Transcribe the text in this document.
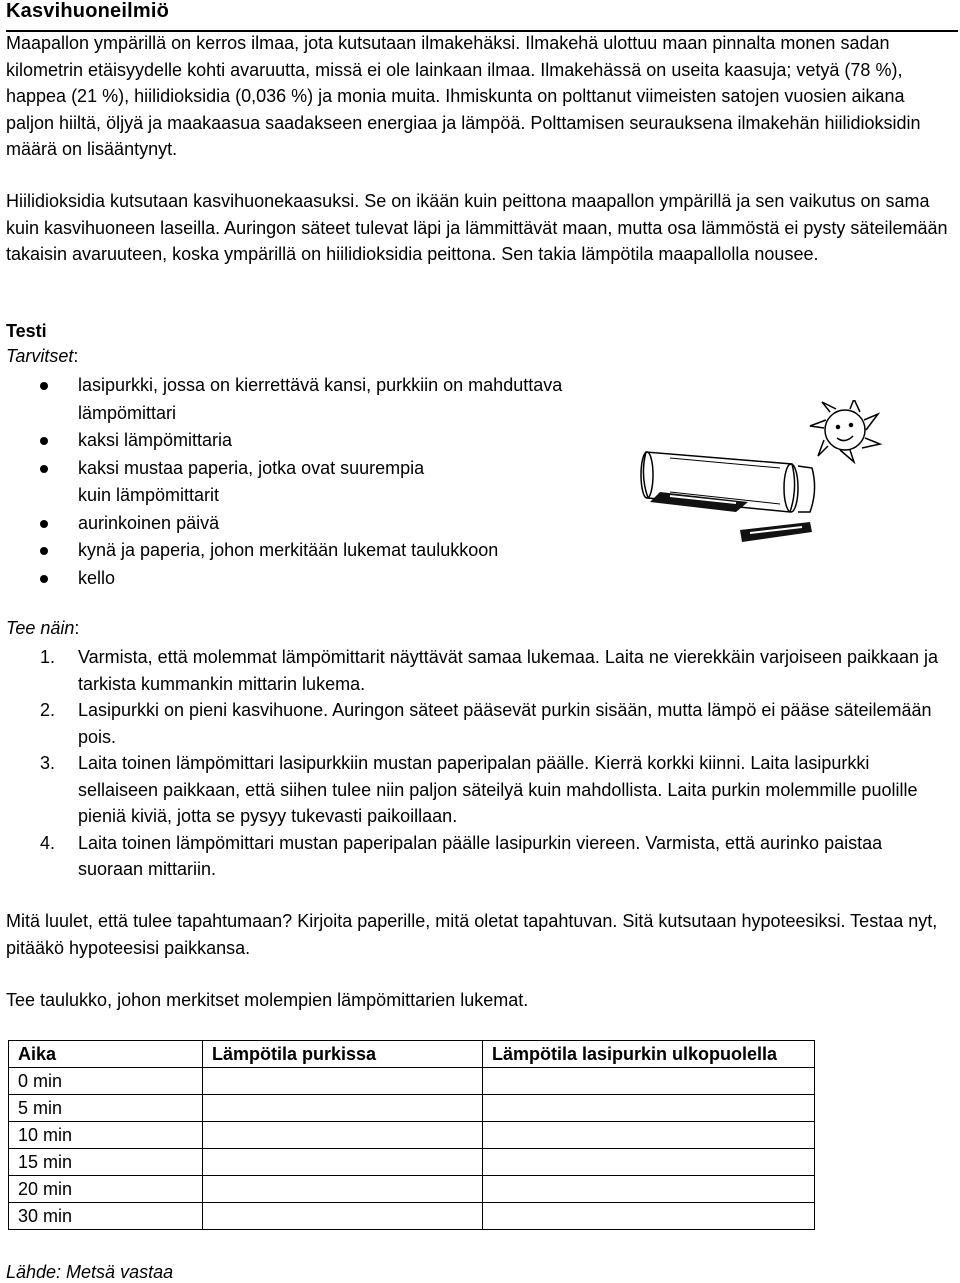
Kasvihuoneilmiö
Maapallon ympärillä on kerros ilmaa, jota kutsutaan ilmakehäksi. Ilmakehä ulottuu maan pinnalta monen sadan kilometrin etäisyydelle kohti avaruutta, missä ei ole lainkaan ilmaa. Ilmakehässä on useita kaasuja; vetyä (78 %), happea (21 %), hiilidioksidia (0,036 %) ja monia muita. Ihmiskunta on polttanut viimeisten satojen vuosien aikana paljon hiiltä, öljyä ja maakaasua saadakseen energiaa ja lämpöä. Polttamisen seurauksena ilmakehän hiilidioksidin määrä on lisääntynyt.
Hiilidioksidia kutsutaan kasvihuonekaasuksi. Se on ikään kuin peittona maapallon ympärillä ja sen vaikutus on sama kuin kasvihuoneen laseilla. Auringon säteet tulevat läpi ja lämmittävät maan, mutta osa lämmöstä ei pysty säteilemään takaisin avaruuteen, koska ympärillä on hiilidioksidia peittona. Sen takia lämpötila maapallolla nousee.
Testi
Tarvitset:
lasipurkki, jossa on kierrettävä kansi, purkkiin on mahduttava lämpömittari
kaksi lämpömittaria
kaksi mustaa paperia, jotka ovat suurempia kuin lämpömittarit
aurinkoinen päivä
kynä ja paperia, johon merkitään lukemat taulukkoon
kello
Tee näin:
1. Varmista, että molemmat lämpömittarit näyttävät samaa lukemaa. Laita ne vierekkäin varjoiseen paikkaan ja tarkista kummankin mittarin lukema.
2. Lasipurkki on pieni kasvihuone. Auringon säteet pääsevät purkin sisään, mutta lämpö ei pääse säteilemään pois.
3. Laita toinen lämpömittari lasipurkkiin mustan paperipalan päälle. Kierrä korkki kiinni. Laita lasipurkki sellaiseen paikkaan, että siihen tulee niin paljon säteilyä kuin mahdollista. Laita purkin molemmille puolille pieniä kiviä, jotta se pysyy tukevasti paikoillaan.
4. Laita toinen lämpömittari mustan paperipalan päälle lasipurkin viereen. Varmista, että aurinko paistaa suoraan mittariin.
Mitä luulet, että tulee tapahtumaan? Kirjoita paperille, mitä oletat tapahtuvan. Sitä kutsutaan hypoteesiksi. Testaa nyt, pitääkö hypoteesisi paikkansa.
Tee taulukko, johon merkitset molempien lämpömittarien lukemat.
Aika	Lämpötila purkissa	Lämpötila lasipurkin ulkopuolella
0 min		
5 min		
10 min		
15 min		
20 min		
30 min		
Lähde: Metsä vastaa
